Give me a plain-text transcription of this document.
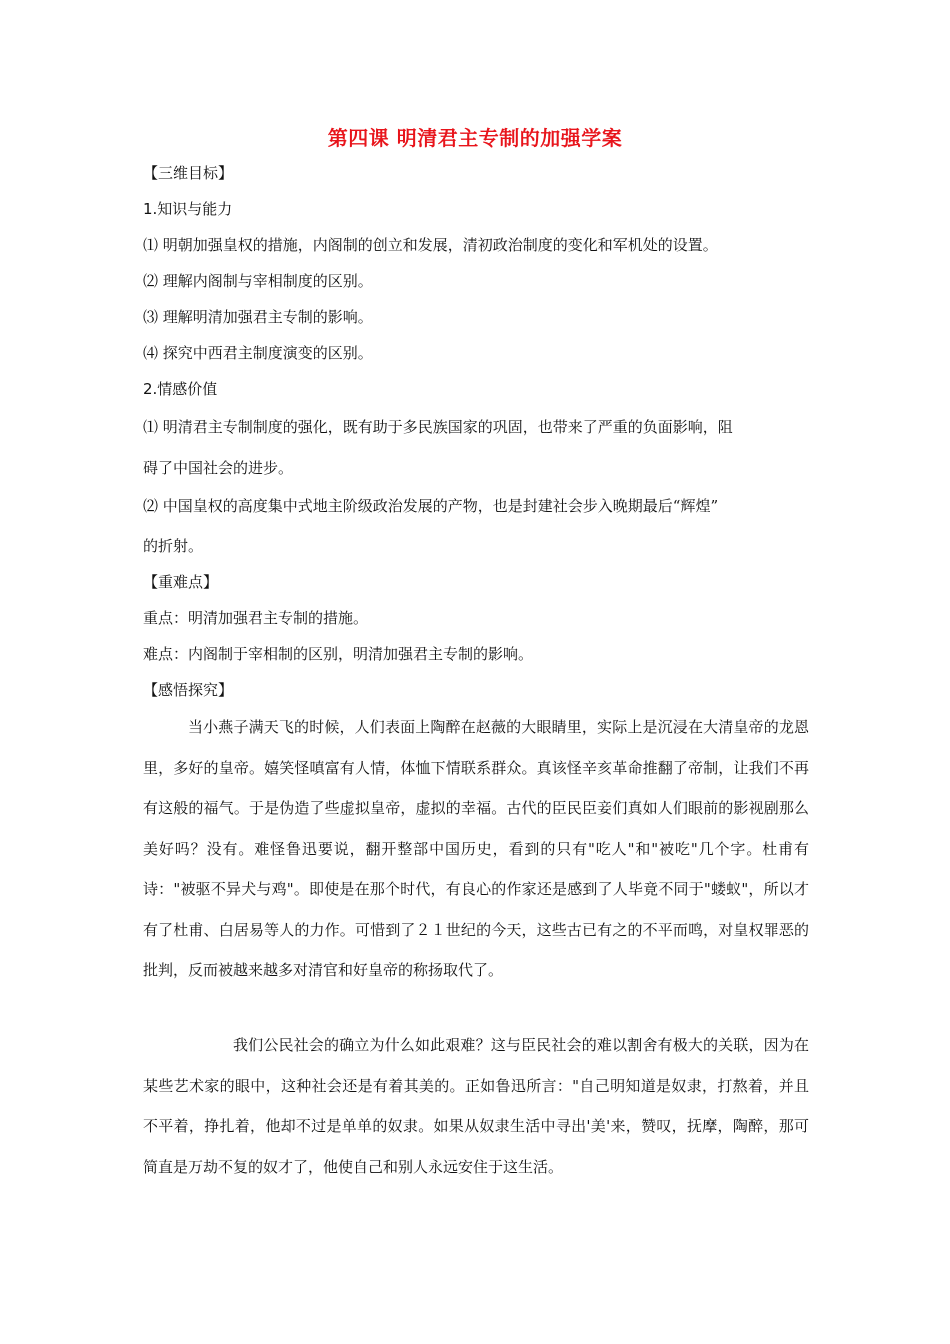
第四课 明清君主专制的加强学案
【三维目标】
1.知识与能力
⑴ 明朝加强皇权的措施，内阁制的创立和发展，清初政治制度的变化和军机处的设置。
⑵ 理解内阁制与宰相制度的区别。
⑶ 理解明清加强君主专制的影响。
⑷ 探究中西君主制度演变的区别。
2.情感价值
⑴ 明清君主专制制度的强化，既有助于多民族国家的巩固，也带来了严重的负面影响，阻
碍了中国社会的进步。
⑵ 中国皇权的高度集中式地主阶级政治发展的产物，也是封建社会步入晚期最后“辉煌”
的折射。
【重难点】
重点：明清加强君主专制的措施。
难点：内阁制于宰相制的区别，明清加强君主专制的影响。
【感悟探究】
当小燕子满天飞的时候，人们表面上陶醉在赵薇的大眼睛里，实际上是沉浸在大清皇帝的龙恩里，多好的皇帝。嬉笑怪嗔富有人情，体恤下情联系群众。真该怪辛亥革命推翻了帝制，让我们不再有这般的福气。于是伪造了些虚拟皇帝，虚拟的幸福。古代的臣民臣妾们真如人们眼前的影视剧那么美好吗？没有。难怪鲁迅要说，翻开整部中国历史，看到的只有"吃人"和"被吃"几个字。杜甫有诗："被驱不异犬与鸡"。即使是在那个时代，有良心的作家还是感到了人毕竟不同于"蝼蚁"，所以才有了杜甫、白居易等人的力作。可惜到了２１世纪的今天，这些古已有之的不平而鸣，对皇权罪恶的批判，反而被越来越多对清官和好皇帝的称扬取代了。
我们公民社会的确立为什么如此艰难？这与臣民社会的难以割舍有极大的关联，因为在某些艺术家的眼中，这种社会还是有着其美的。正如鲁迅所言："自己明知道是奴隶，打熬着，并且不平着，挣扎着，他却不过是单单的奴隶。如果从奴隶生活中寻出'美'来，赞叹，抚摩，陶醉，那可简直是万劫不复的奴才了，他使自己和别人永远安住于这生活。
